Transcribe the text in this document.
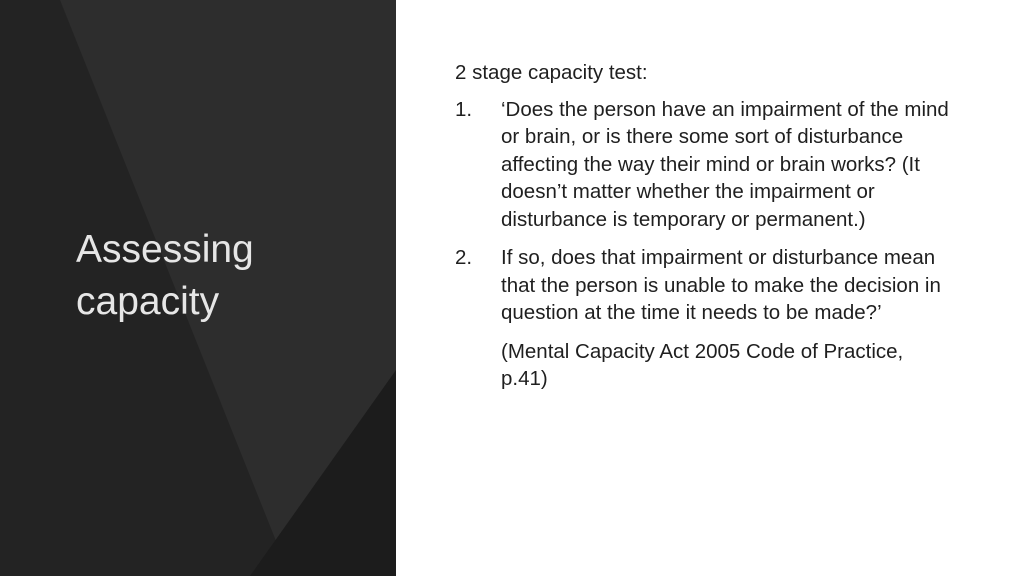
Assessing
capacity

2 stage capacity test:

1. ‘Does the person have an impairment of the mind or brain, or is there some sort of disturbance affecting the way their mind or brain works? (It doesn’t matter whether the impairment or disturbance is temporary or permanent.)
2. If so, does that impairment or disturbance mean that the person is unable to make the decision in question at the time it needs to be made?’

(Mental Capacity Act 2005 Code of Practice, p.41)
